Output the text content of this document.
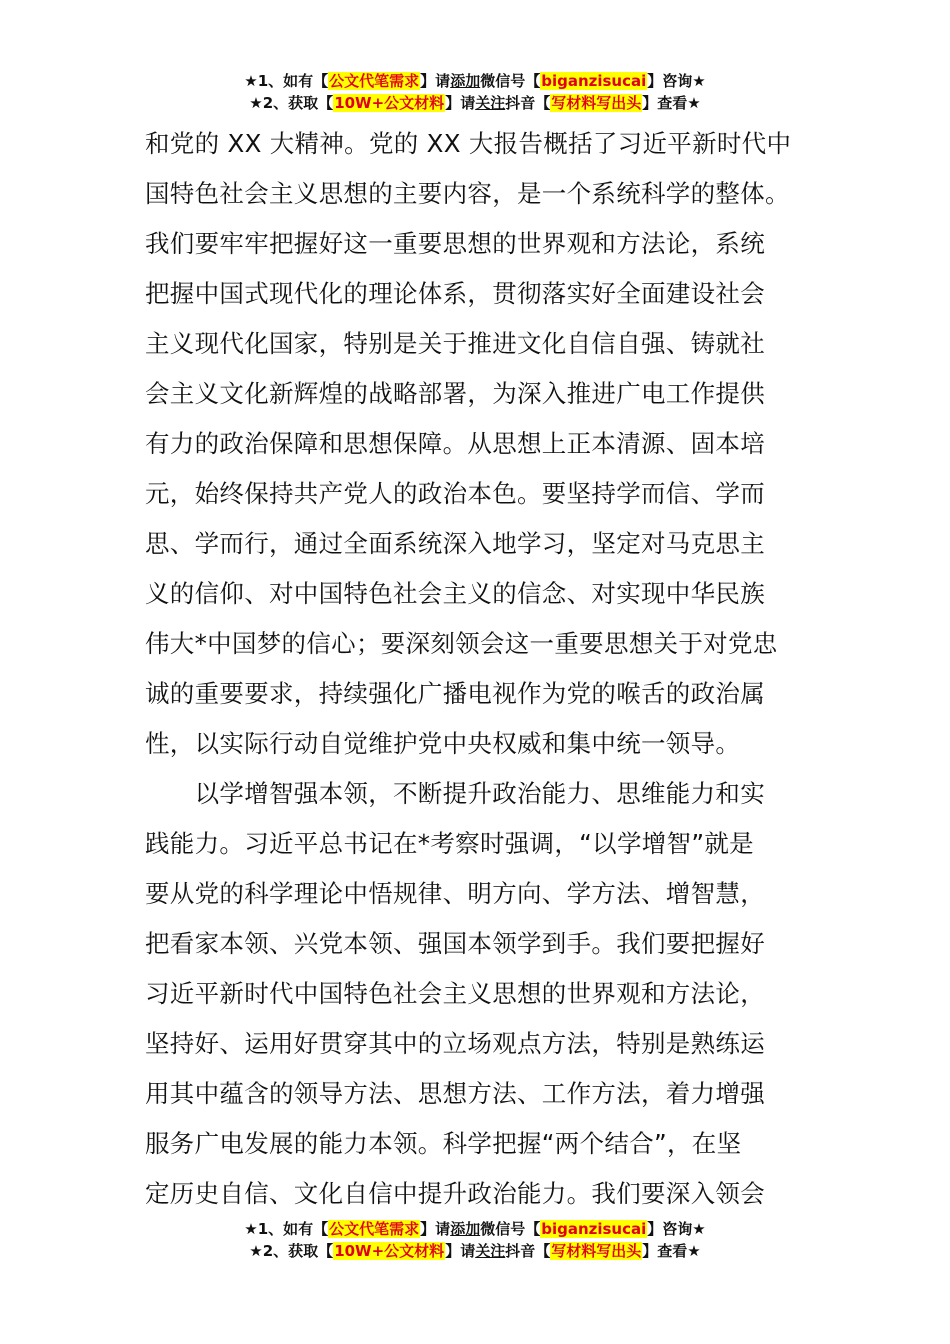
★1、如有【公文代笔需求】请添加微信号【biganzisucai】咨询★
★2、获取【10W+公文材料】请关注抖音【写材料写出头】查看★
和党的 XX 大精神。党的 XX 大报告概括了习近平新时代中
国特色社会主义思想的主要内容，是一个系统科学的整体。
我们要牢牢把握好这一重要思想的世界观和方法论，系统
把握中国式现代化的理论体系，贯彻落实好全面建设社会
主义现代化国家，特别是关于推进文化自信自强、铸就社
会主义文化新辉煌的战略部署，为深入推进广电工作提供
有力的政治保障和思想保障。从思想上正本清源、固本培
元，始终保持共产党人的政治本色。要坚持学而信、学而
思、学而行，通过全面系统深入地学习，坚定对马克思主
义的信仰、对中国特色社会主义的信念、对实现中华民族
伟大*中国梦的信心；要深刻领会这一重要思想关于对党忠
诚的重要要求，持续强化广播电视作为党的喉舌的政治属
性，以实际行动自觉维护党中央权威和集中统一领导。
　　以学增智强本领，不断提升政治能力、思维能力和实
践能力。习近平总书记在*考察时强调，“以学增智”就是
要从党的科学理论中悟规律、明方向、学方法、增智慧，
把看家本领、兴党本领、强国本领学到手。我们要把握好
习近平新时代中国特色社会主义思想的世界观和方法论，
坚持好、运用好贯穿其中的立场观点方法，特别是熟练运
用其中蕴含的领导方法、思想方法、工作方法，着力增强
服务广电发展的能力本领。科学把握“两个结合”，在坚
定历史自信、文化自信中提升政治能力。我们要深入领会
★1、如有【公文代笔需求】请添加微信号【biganzisucai】咨询★
★2、获取【10W+公文材料】请关注抖音【写材料写出头】查看★
